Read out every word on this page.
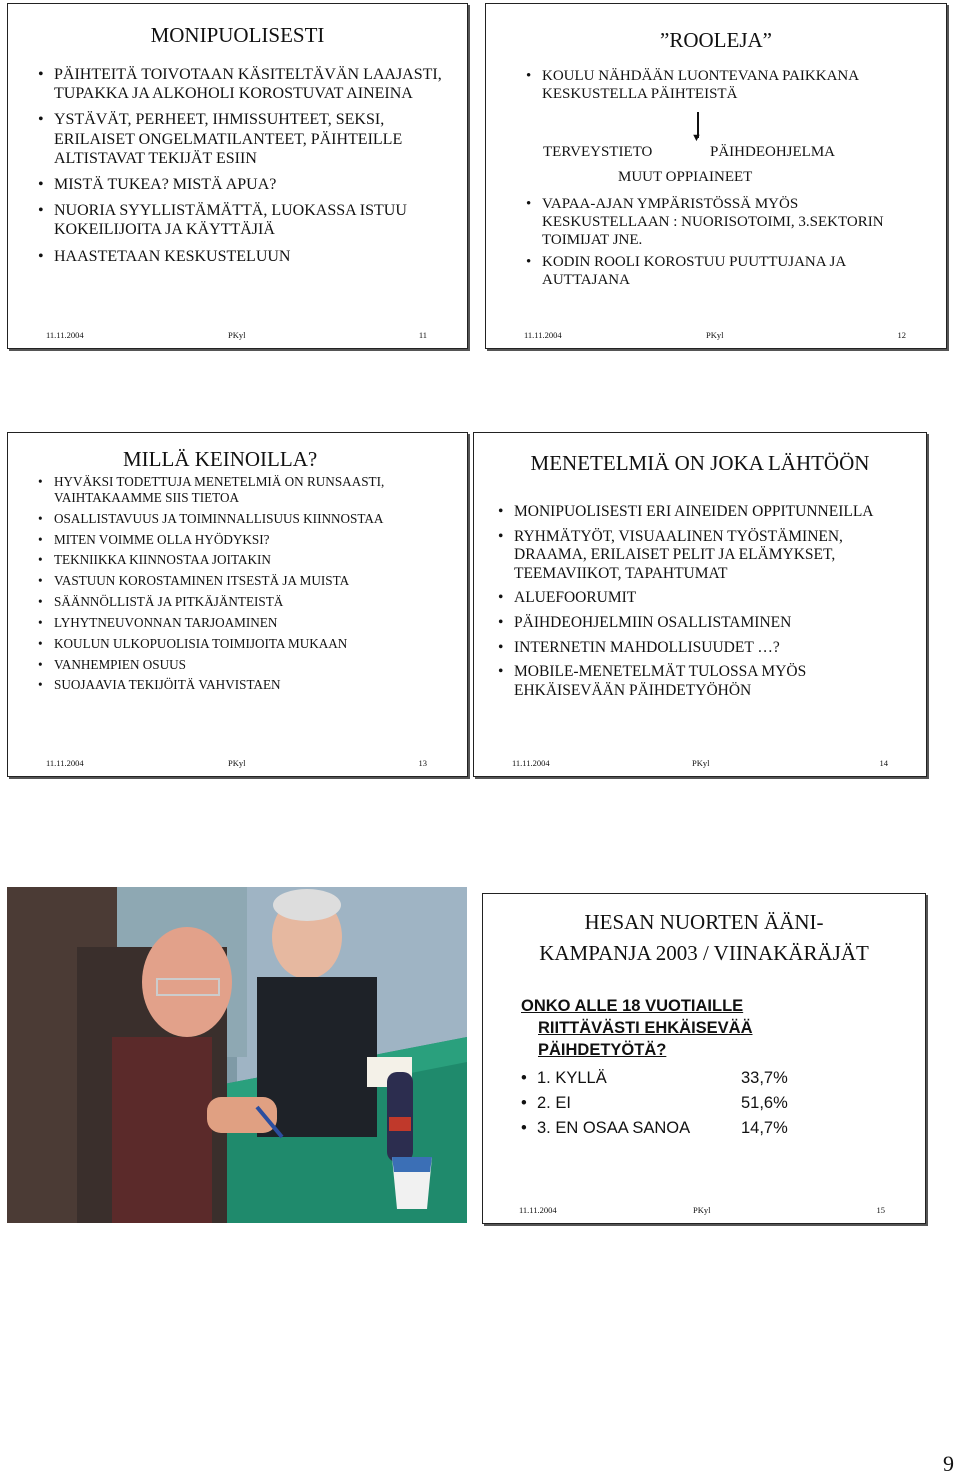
MONIPUOLISESTI
• PÄIHTEITÄ TOIVOTAAN KÄSITELTÄVÄN LAAJASTI, TUPAKKA JA ALKOHOLI KOROSTUVAT AINEINA
• YSTÄVÄT, PERHEET, IHMISSUHTEET, SEKSI, ERILAISET ONGELMATILANTEET, PÄIHTEILLE ALTISTAVAT TEKIJÄT ESIIN
• MISTÄ TUKEA? MISTÄ APUA?
• NUORIA SYYLLISTÄMÄTTÄ, LUOKASSA ISTUU KOKEILIJOITA JA KÄYTTÄJIÄ
• HAASTETAAN KESKUSTELUUN
11.11.2004	PKyl	11
”ROOLEJA”
• KOULU NÄHDÄÄN LUONTEVANA PAIKKANA KESKUSTELLA PÄIHTEISTÄ
▼
TERVEYSTIETO	PÄIHDEOHJELMA
MUUT OPPIAINEET
• VAPAA-AJAN YMPÄRISTÖSSÄ MYÖS KESKUSTELLAAN : NUORISOTOIMI, 3.SEKTORIN TOIMIJAT JNE.
• KODIN ROOLI KOROSTUU PUUTTUJANA JA AUTTAJANA
11.11.2004	PKyl	12
MILLÄ KEINOILLA?
• HYVÄKSI TODETTUJA MENETELMIÄ ON RUNSAASTI, VAIHTAKAAMME SIIS TIETOA
• OSALLISTAVUUS JA TOIMINNALLISUUS KIINNOSTAA
• MITEN VOIMME OLLA HYÖDYKSI?
• TEKNIIKKA KIINNOSTAA JOITAKIN
• VASTUUN KOROSTAMINEN ITSESTÄ JA MUISTA
• SÄÄNNÖLLISTÄ JA PITKÄJÄNTEISTÄ
• LYHYTNEUVONNAN TARJOAMINEN
• KOULUN ULKOPUOLISIA TOIMIJOITA MUKAAN
• VANHEMPIEN OSUUS
• SUOJAAVIA TEKIJÖITÄ VAHVISTAEN
11.11.2004	PKyl	13
MENETELMIÄ ON JOKA LÄHTÖÖN
• MONIPUOLISESTI ERI AINEIDEN OPPITUNNEILLA
• RYHMÄTYÖT, VISUAALINEN TYÖSTÄMINEN, DRAAMA, ERILAISET PELIT JA ELÄMYKSET, TEEMAVIIKOT, TAPAHTUMAT
• ALUEFOORUMIT
• PÄIHDEOHJELMIIN OSALLISTAMINEN
• INTERNETIN MAHDOLLISUUDET …?
• MOBILE-MENETELMÄT TULOSSA MYÖS EHKÄISEVÄÄN PÄIHDETYÖHÖN
11.11.2004	PKyl	14
HESAN NUORTEN ÄÄNI-
KAMPANJA 2003 / VIINAKÄRÄJÄT
ONKO ALLE 18 VUOTIAILLE
RIITTÄVÄSTI EHKÄISEVÄÄ
PÄIHDETYÖTÄ?
• 1. KYLLÄ	33,7%
• 2. EI	51,6%
• 3. EN OSAA SANOA	14,7%
11.11.2004	PKyl	15
9
